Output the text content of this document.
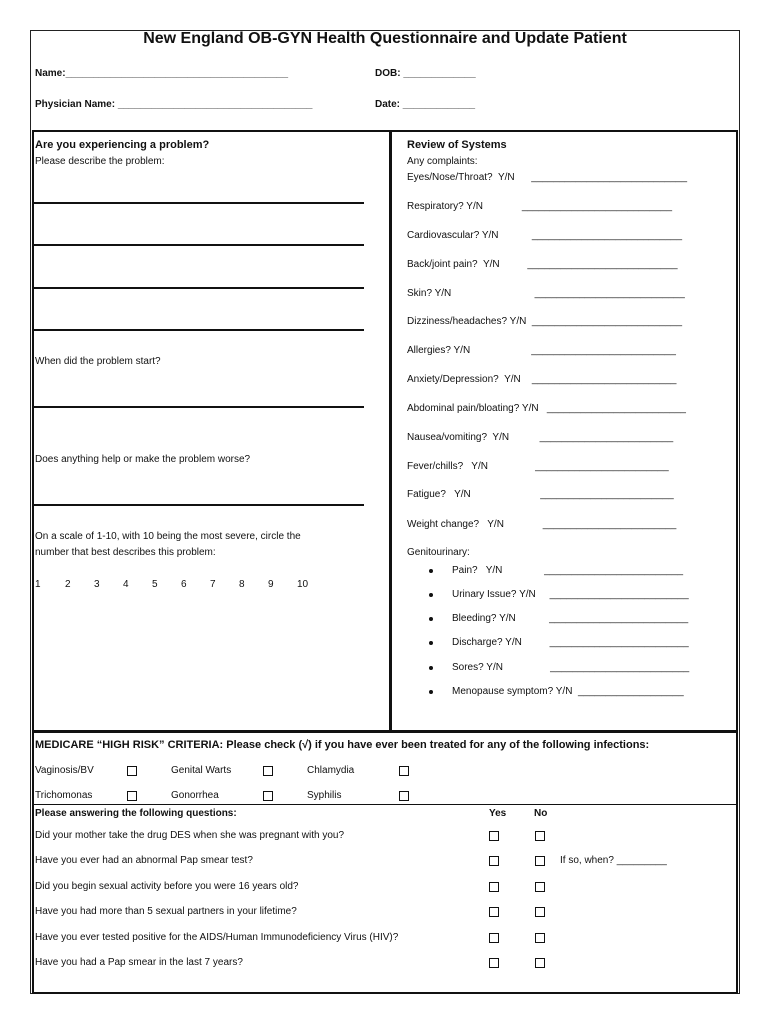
New England OB-GYN Health Questionnaire and Update Patient
Name:________________________________________	DOB: _____________
Physician Name: ___________________________________	Date: _____________
Are you experiencing a problem?
Please describe the problem:
When did the problem start?
Does anything help or make the problem worse?
On a scale of 1-10, with 10 being the most severe, circle the
number that best describes this problem:
1 2 3 4 5 6 7 8 9 10
Review of Systems
Any complaints:
Eyes/Nose/Throat?  Y/N      ____________________________
Respiratory? Y/N              ___________________________
Cardiovascular? Y/N            ___________________________
Back/joint pain?  Y/N          ___________________________
Skin? Y/N                              ___________________________
Dizziness/headaches? Y/N  ___________________________
Allergies? Y/N                      __________________________
Anxiety/Depression?  Y/N    __________________________
Abdominal pain/bloating? Y/N   _________________________
Nausea/vomiting?  Y/N           ________________________
Fever/chills?   Y/N                 ________________________
Fatigue?   Y/N                         ________________________
Weight change?   Y/N              ________________________
Genitourinary:
Pain?   Y/N               _________________________
Urinary Issue? Y/N     _________________________
Bleeding? Y/N            _________________________
Discharge? Y/N          _________________________
Sores? Y/N                 _________________________
Menopause symptom? Y/N  ___________________
MEDICARE “HIGH RISK” CRITERIA: Please check (√) if you have ever been treated for any of the following infections:
Vaginosis/BV	Genital Warts	Chlamydia
Trichomonas	Gonorrhea	Syphilis
Please answering the following questions:	Yes	No
Did your mother take the drug DES when she was pregnant with you?
Have you ever had an abnormal Pap smear test?	If so, when? _________
Did you begin sexual activity before you were 16 years old?
Have you had more than 5 sexual partners in your lifetime?
Have you ever tested positive for the AIDS/Human Immunodeficiency Virus (HIV)?
Have you had a Pap smear in the last 7 years?
